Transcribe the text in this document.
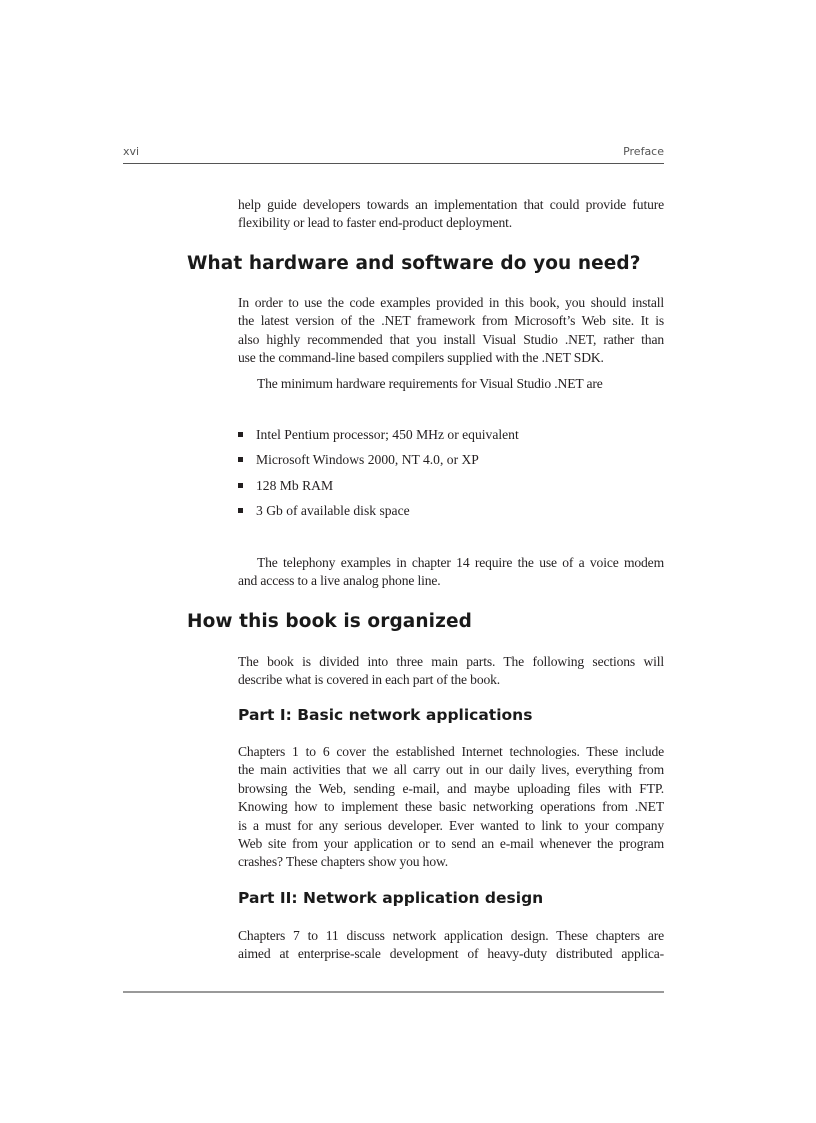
xvi	Preface
help guide developers towards an implementation that could provide future
flexibility or lead to faster end-product deployment.
What hardware and software do you need?
In order to use the code examples provided in this book, you should install
the latest version of the .NET framework from Microsoft’s Web site. It is
also highly recommended that you install Visual Studio .NET, rather than
use the command-line based compilers supplied with the .NET SDK.
The minimum hardware requirements for Visual Studio .NET are
Intel Pentium processor; 450 MHz or equivalent
Microsoft Windows 2000, NT 4.0, or XP
128 Mb RAM
3 Gb of available disk space
The telephony examples in chapter 14 require the use of a voice modem
and access to a live analog phone line.
How this book is organized
The book is divided into three main parts. The following sections will
describe what is covered in each part of the book.
Part I: Basic network applications
Chapters 1 to 6 cover the established Internet technologies. These include
the main activities that we all carry out in our daily lives, everything from
browsing the Web, sending e-mail, and maybe uploading files with FTP.
Knowing how to implement these basic networking operations from .NET
is a must for any serious developer. Ever wanted to link to your company
Web site from your application or to send an e-mail whenever the program
crashes? These chapters show you how.
Part II: Network application design
Chapters 7 to 11 discuss network application design. These chapters are
aimed at enterprise-scale development of heavy-duty distributed applica-
